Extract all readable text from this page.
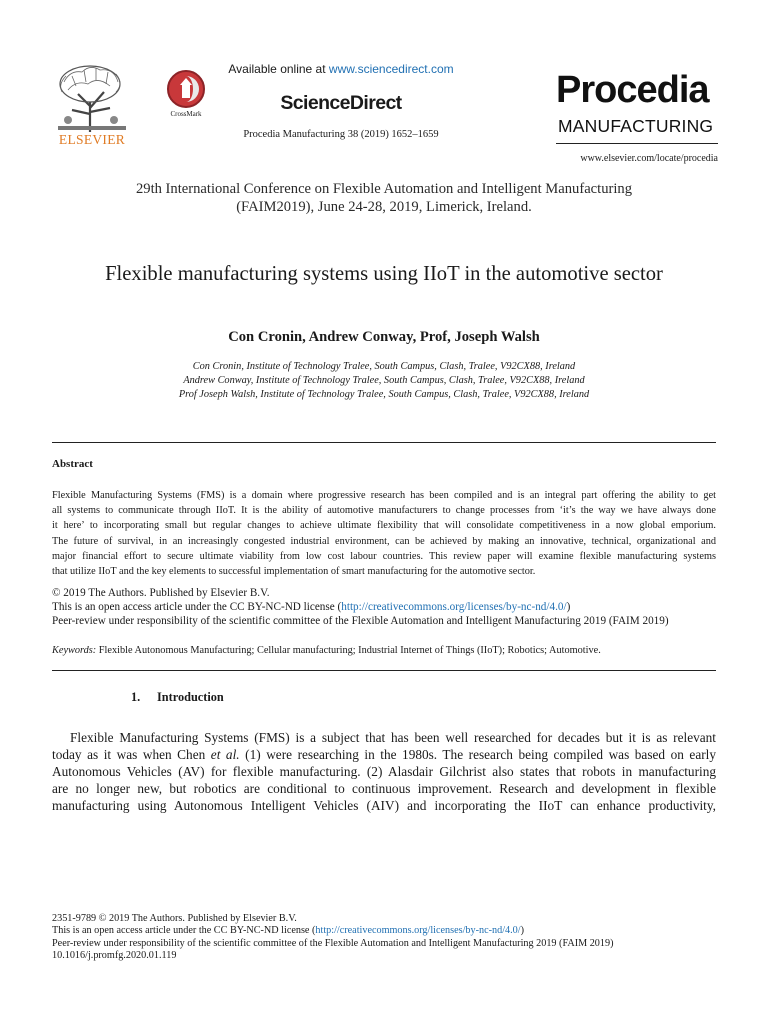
ELSEVIER
CrossMark
Available online at www.sciencedirect.com
ScienceDirect
Procedia Manufacturing 38 (2019) 1652–1659
Procedia
MANUFACTURING
www.elsevier.com/locate/procedia
29th International Conference on Flexible Automation and Intelligent Manufacturing
(FAIM2019), June 24-28, 2019, Limerick, Ireland.
Flexible manufacturing systems using IIoT in the automotive sector
Con Cronin, Andrew Conway, Prof, Joseph Walsh
Con Cronin, Institute of Technology Tralee, South Campus, Clash, Tralee, V92CX88, Ireland
Andrew Conway, Institute of Technology Tralee, South Campus, Clash, Tralee, V92CX88, Ireland
Prof Joseph Walsh, Institute of Technology Tralee, South Campus, Clash, Tralee, V92CX88, Ireland
Abstract
Flexible Manufacturing Systems (FMS) is a domain where progressive research has been compiled and is an integral part offering the ability to get
all systems to communicate through IIoT. It is the ability of automotive manufacturers to change processes from ‘it’s the way we have always done
it here’ to incorporating small but regular changes to achieve ultimate flexibility that will consolidate competitiveness in a now global emporium.
The future of survival, in an increasingly congested industrial environment, can be achieved by making an innovative, technical, organizational and
major financial effort to secure ultimate viability from low cost labour countries. This review paper will examine flexible manufacturing systems
that utilize IIoT and the key elements to successful implementation of smart manufacturing for the automotive sector.
© 2019 The Authors. Published by Elsevier B.V.
This is an open access article under the CC BY-NC-ND license (http://creativecommons.org/licenses/by-nc-nd/4.0/)
Peer-review under responsibility of the scientific committee of the Flexible Automation and Intelligent Manufacturing 2019 (FAIM 2019)
Keywords: Flexible Autonomous Manufacturing; Cellular manufacturing; Industrial Internet of Things (IIoT); Robotics; Automotive.
1. Introduction
Flexible Manufacturing Systems (FMS) is a subject that has been well researched for decades but it is as relevant
today as it was when Chen et al. (1) were researching in the 1980s. The research being compiled was based on early
Autonomous Vehicles (AV) for flexible manufacturing. (2) Alasdair Gilchrist also states that robots in manufacturing
are no longer new, but robotics are conditional to continuous improvement. Research and development in flexible
manufacturing using Autonomous Intelligent Vehicles (AIV) and incorporating the IIoT can enhance productivity,
2351-9789 © 2019 The Authors. Published by Elsevier B.V.
This is an open access article under the CC BY-NC-ND license (http://creativecommons.org/licenses/by-nc-nd/4.0/)
Peer-review under responsibility of the scientific committee of the Flexible Automation and Intelligent Manufacturing 2019 (FAIM 2019)
10.1016/j.promfg.2020.01.119
